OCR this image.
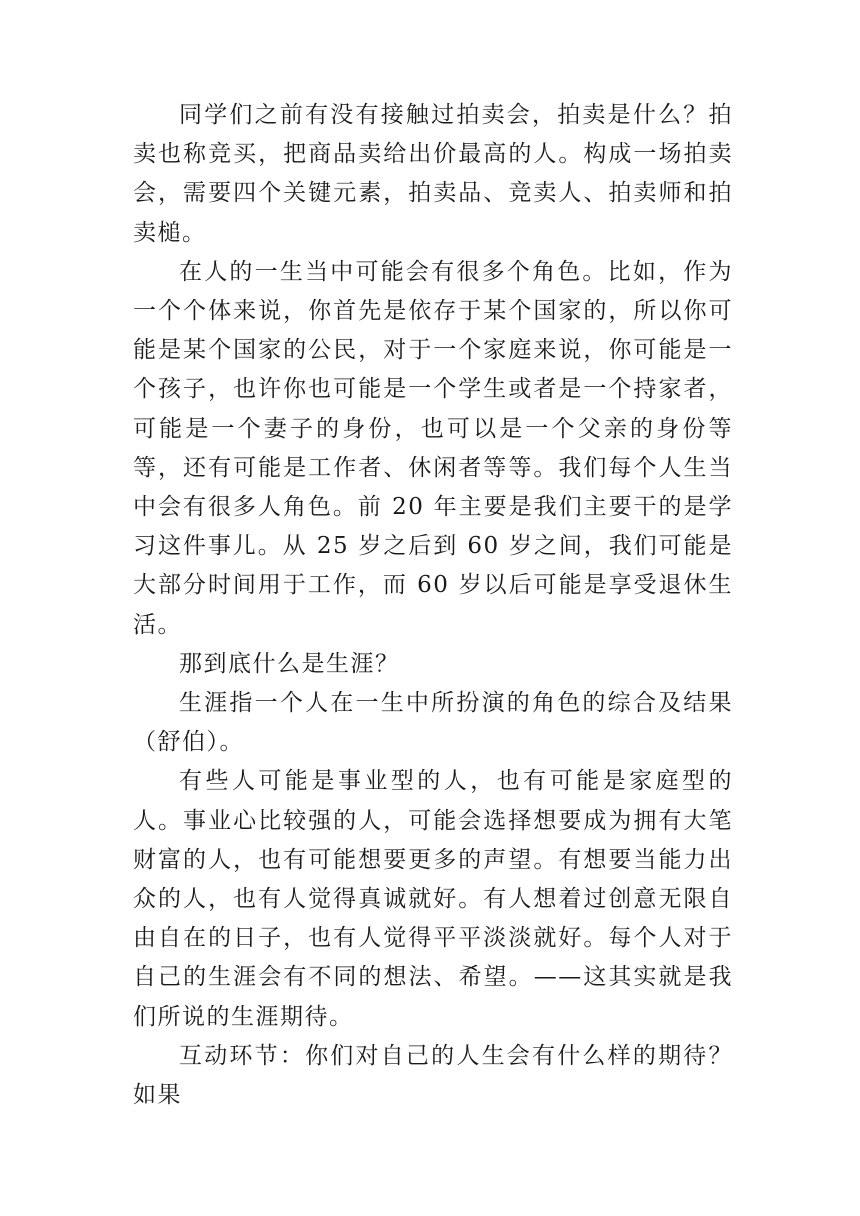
同学们之前有没有接触过拍卖会，拍卖是什么？拍卖也称竞买，把商品卖给出价最高的人。构成一场拍卖会，需要四个关键元素，拍卖品、竞卖人、拍卖师和拍卖槌。

在人的一生当中可能会有很多个角色。比如，作为一个个体来说，你首先是依存于某个国家的，所以你可能是某个国家的公民，对于一个家庭来说，你可能是一个孩子，也许你也可能是一个学生或者是一个持家者，可能是一个妻子的身份，也可以是一个父亲的身份等等，还有可能是工作者、休闲者等等。我们每个人生当中会有很多人角色。前 20 年主要是我们主要干的是学习这件事儿。从 25 岁之后到 60 岁之间，我们可能是大部分时间用于工作，而 60 岁以后可能是享受退休生活。

那到底什么是生涯？

生涯指一个人在一生中所扮演的角色的综合及结果（舒伯）。

有些人可能是事业型的人，也有可能是家庭型的人。事业心比较强的人，可能会选择想要成为拥有大笔财富的人，也有可能想要更多的声望。有想要当能力出众的人，也有人觉得真诚就好。有人想着过创意无限自由自在的日子，也有人觉得平平淡淡就好。每个人对于自己的生涯会有不同的想法、希望。——这其实就是我们所说的生涯期待。

互动环节：你们对自己的人生会有什么样的期待？如果
